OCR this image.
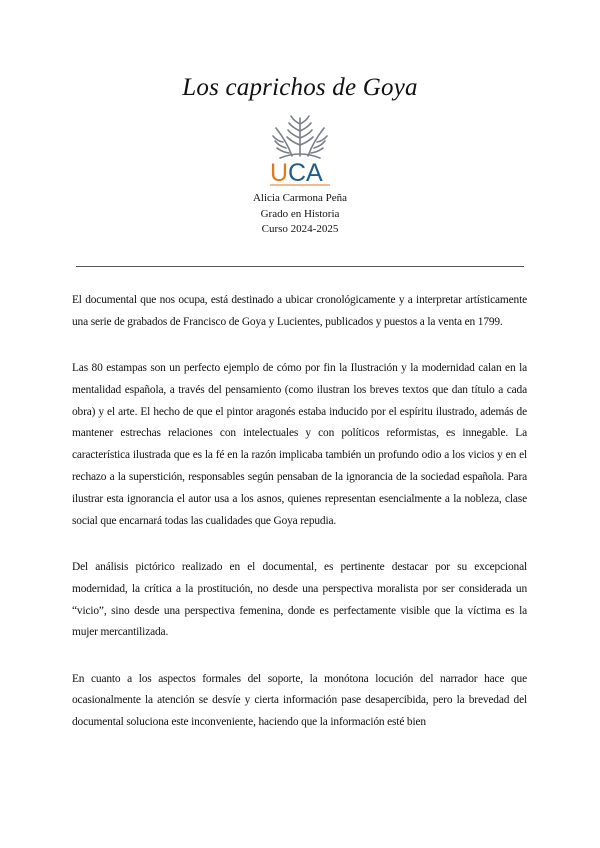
Los caprichos de Goya
U CA
Alicia Carmona Peña
Grado en Historia
Curso 2024-2025

El documental que nos ocupa, está destinado a ubicar cronológicamente y a interpretar artísticamente una serie de grabados de Francisco de Goya y Lucientes, publicados y puestos a la venta en 1799.

Las 80 estampas son un perfecto ejemplo de cómo por fin la Ilustración y la modernidad calan en la mentalidad española, a través del pensamiento (como ilustran los breves textos que dan título a cada obra) y el arte. El hecho de que el pintor aragonés estaba inducido por el espíritu ilustrado, además de mantener estrechas relaciones con intelectuales y con políticos reformistas, es innegable. La característica ilustrada que es la fé en la razón implicaba también un profundo odio a los vicios y en el rechazo a la superstición, responsables según pensaban de la ignorancia de la sociedad española. Para ilustrar esta ignorancia el autor usa a los asnos, quienes representan esencialmente a la nobleza, clase social que encarnará todas las cualidades que Goya repudia.

Del análisis pictórico realizado en el documental, es pertinente destacar por su excepcional modernidad, la crítica a la prostitución, no desde una perspectiva moralista por ser considerada un “vicio”, sino desde una perspectiva femenina, donde es perfectamente visible que la víctima es la mujer mercantilizada.

En cuanto a los aspectos formales del soporte, la monótona locución del narrador hace que ocasionalmente la atención se desvíe y cierta información pase desapercibida, pero la brevedad del documental soluciona este inconveniente, haciendo que la información esté bien
